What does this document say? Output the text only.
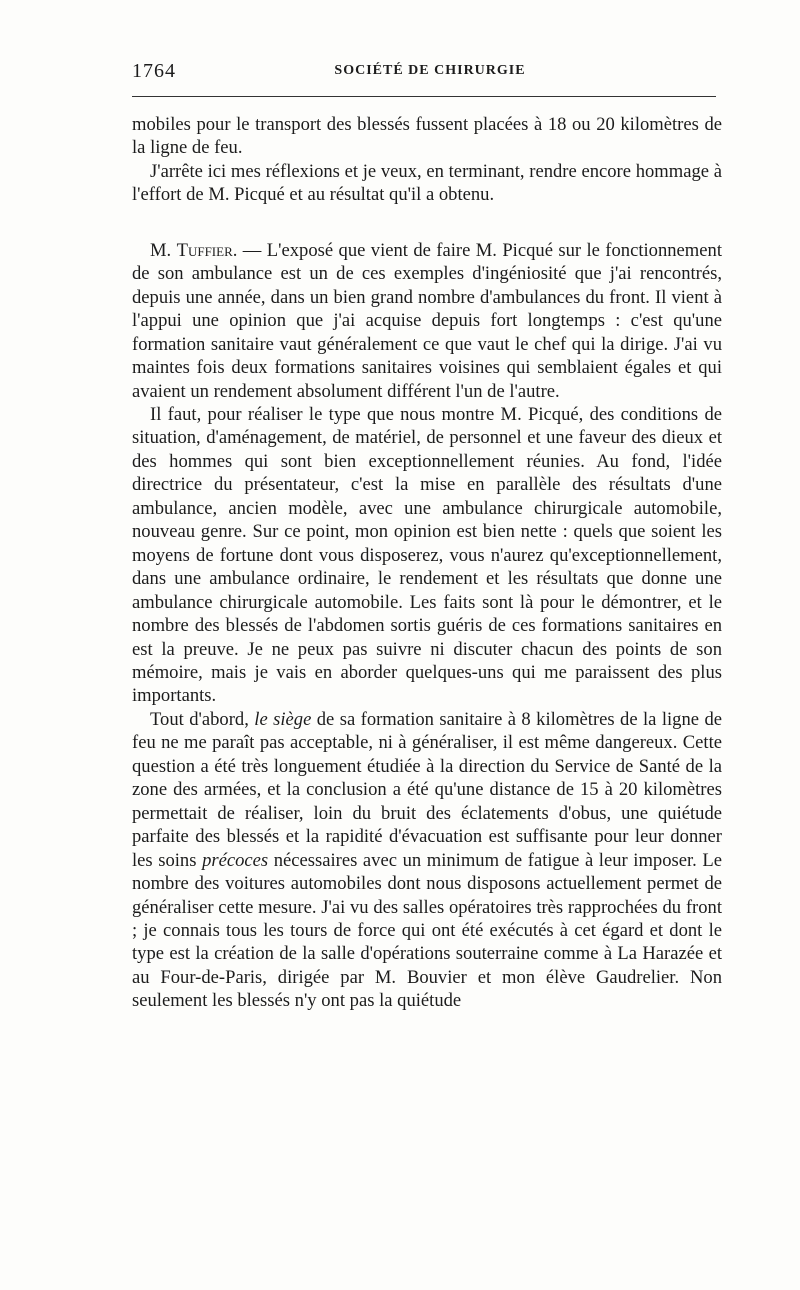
1764	SOCIÉTÉ DE CHIRURGIE

mobiles pour le transport des blessés fussent placées à 18 ou 20 kilomètres de la ligne de feu.

J'arrête ici mes réflexions et je veux, en terminant, rendre encore hommage à l'effort de M. Picqué et au résultat qu'il a obtenu.

M. Tuffier. — L'exposé que vient de faire M. Picqué sur le fonctionnement de son ambulance est un de ces exemples d'ingéniosité que j'ai rencontrés, depuis une année, dans un bien grand nombre d'ambulances du front. Il vient à l'appui une opinion que j'ai acquise depuis fort longtemps : c'est qu'une formation sanitaire vaut généralement ce que vaut le chef qui la dirige. J'ai vu maintes fois deux formations sanitaires voisines qui semblaient égales et qui avaient un rendement absolument différent l'un de l'autre.

Il faut, pour réaliser le type que nous montre M. Picqué, des conditions de situation, d'aménagement, de matériel, de personnel et une faveur des dieux et des hommes qui sont bien exceptionnellement réunies. Au fond, l'idée directrice du présentateur, c'est la mise en parallèle des résultats d'une ambulance, ancien modèle, avec une ambulance chirurgicale automobile, nouveau genre. Sur ce point, mon opinion est bien nette : quels que soient les moyens de fortune dont vous disposerez, vous n'aurez qu'exceptionnellement, dans une ambulance ordinaire, le rendement et les résultats que donne une ambulance chirurgicale automobile. Les faits sont là pour le démontrer, et le nombre des blessés de l'abdomen sortis guéris de ces formations sanitaires en est la preuve. Je ne peux pas suivre ni discuter chacun des points de son mémoire, mais je vais en aborder quelques-uns qui me paraissent des plus importants.

Tout d'abord, le siège de sa formation sanitaire à 8 kilomètres de la ligne de feu ne me paraît pas acceptable, ni à généraliser, il est même dangereux. Cette question a été très longuement étudiée à la direction du Service de Santé de la zone des armées, et la conclusion a été qu'une distance de 15 à 20 kilomètres permettait de réaliser, loin du bruit des éclatements d'obus, une quiétude parfaite des blessés et la rapidité d'évacuation est suffisante pour leur donner les soins précoces nécessaires avec un minimum de fatigue à leur imposer. Le nombre des voitures automobiles dont nous disposons actuellement permet de généraliser cette mesure. J'ai vu des salles opératoires très rapprochées du front ; je connais tous les tours de force qui ont été exécutés à cet égard et dont le type est la création de la salle d'opérations souterraine comme à La Harazée et au Four-de-Paris, dirigée par M. Bouvier et mon élève Gaudrelier. Non seulement les blessés n'y ont pas la quiétude
